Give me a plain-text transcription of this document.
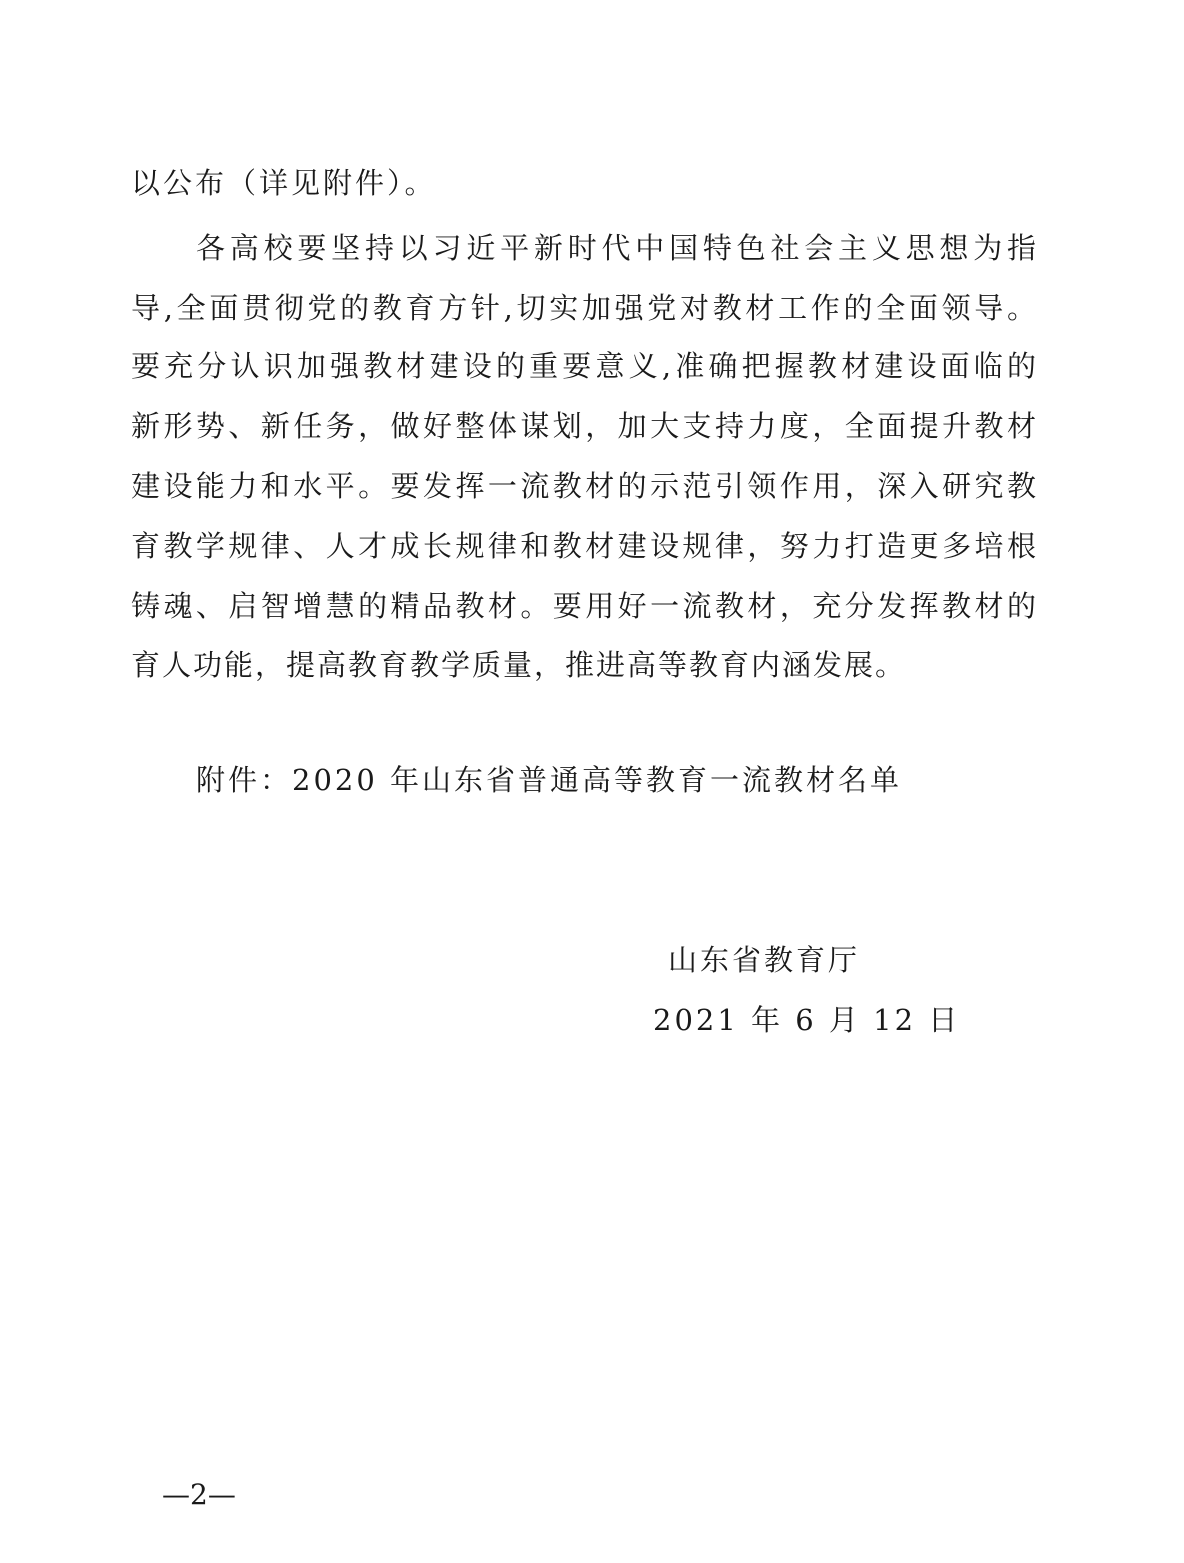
以公布（详见附件）。
各高校要坚持以习近平新时代中国特色社会主义思想为指
导,全面贯彻党的教育方针,切实加强党对教材工作的全面领导。
要充分认识加强教材建设的重要意义,准确把握教材建设面临的
新形势、新任务，做好整体谋划，加大支持力度，全面提升教材
建设能力和水平。要发挥一流教材的示范引领作用，深入研究教
育教学规律、人才成长规律和教材建设规律，努力打造更多培根
铸魂、启智增慧的精品教材。要用好一流教材，充分发挥教材的
育人功能，提高教育教学质量，推进高等教育内涵发展。
附件：2020 年山东省普通高等教育一流教材名单
山东省教育厅
2021 年 6 月 12 日
—2—
